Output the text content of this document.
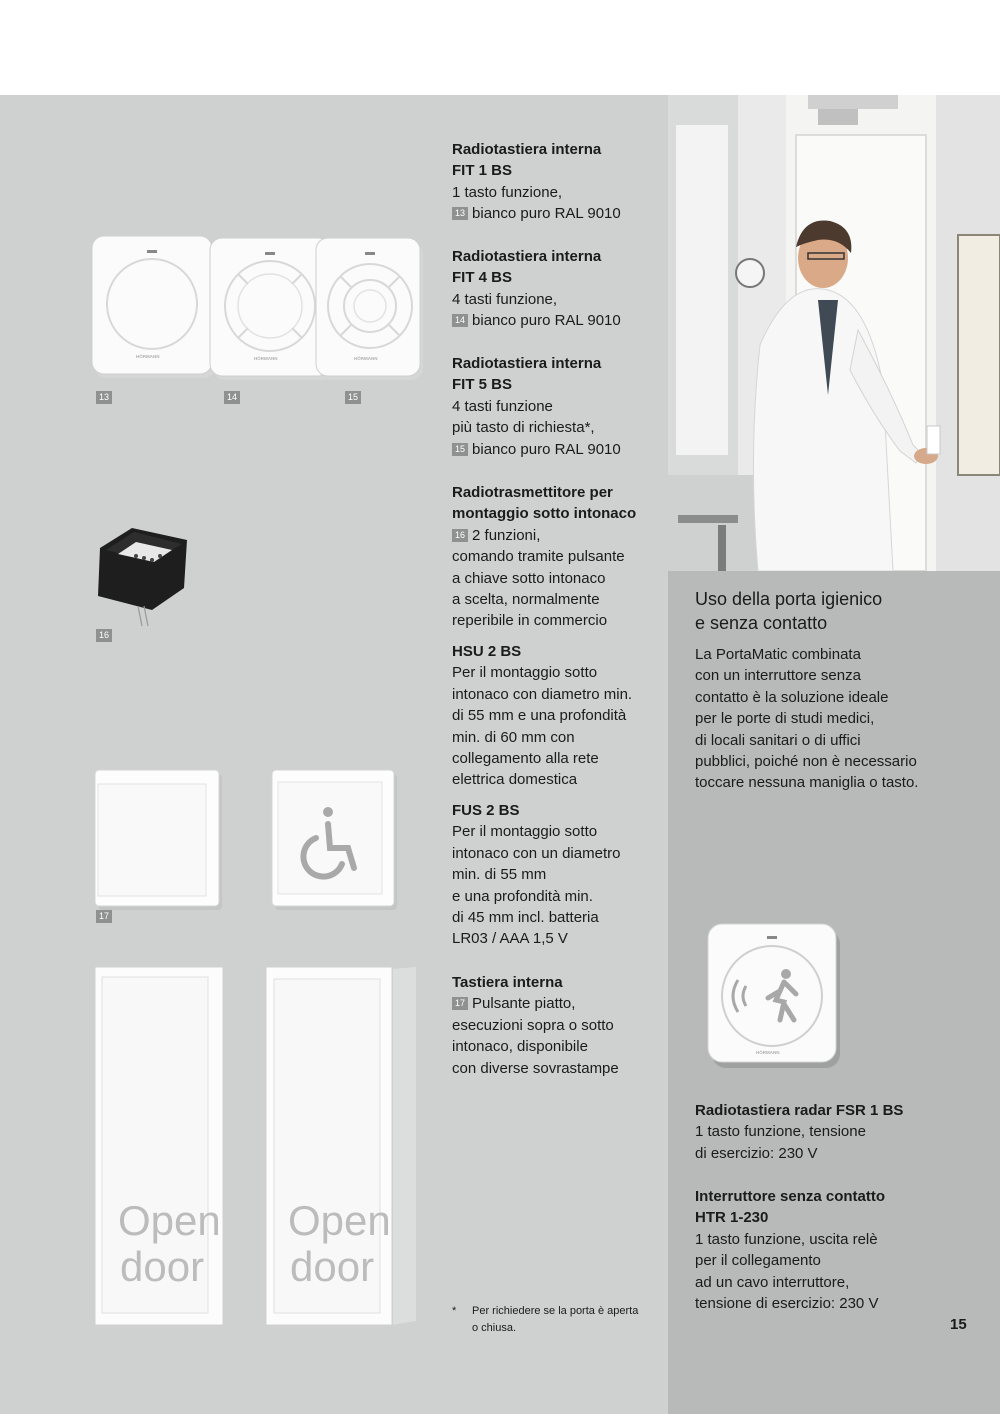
HÖRMANN	HÖRMANN	HÖRMANN
13	14	15
16
17
Open
door
Open
door
HÖRMANN
Radiotastiera interna
FIT 1 BS
1 tasto funzione,
13 bianco puro RAL 9010
Radiotastiera interna
FIT 4 BS
4 tasti funzione,
14 bianco puro RAL 9010
Radiotastiera interna
FIT 5 BS
4 tasti funzione
più tasto di richiesta*,
15 bianco puro RAL 9010
Radiotrasmettitore per
montaggio sotto intonaco
16 2 funzioni,
comando tramite pulsante
a chiave sotto intonaco
a scelta, normalmente
reperibile in commercio
HSU 2 BS
Per il montaggio sotto
intonaco con diametro min.
di 55 mm e una profondità
min. di 60 mm con
collegamento alla rete
elettrica domestica
FUS 2 BS
Per il montaggio sotto
intonaco con un diametro
min. di 55 mm
e una profondità min.
di 45 mm incl. batteria
LR03 / AAA 1,5 V
Tastiera interna
17 Pulsante piatto,
esecuzioni sopra o sotto
intonaco, disponibile
con diverse sovrastampe
*	Per richiedere se la porta è aperta
o chiusa.
Uso della porta igienico
e senza contatto
La PortaMatic combinata
con un interruttore senza
contatto è la soluzione ideale
per le porte di studi medici,
di locali sanitari o di uffici
pubblici, poiché non è necessario
toccare nessuna maniglia o tasto.
Radiotastiera radar FSR 1 BS
1 tasto funzione, tensione
di esercizio: 230 V
Interruttore senza contatto
HTR 1-230
1 tasto funzione, uscita relè
per il collegamento
ad un cavo interruttore,
tensione di esercizio: 230 V
15
